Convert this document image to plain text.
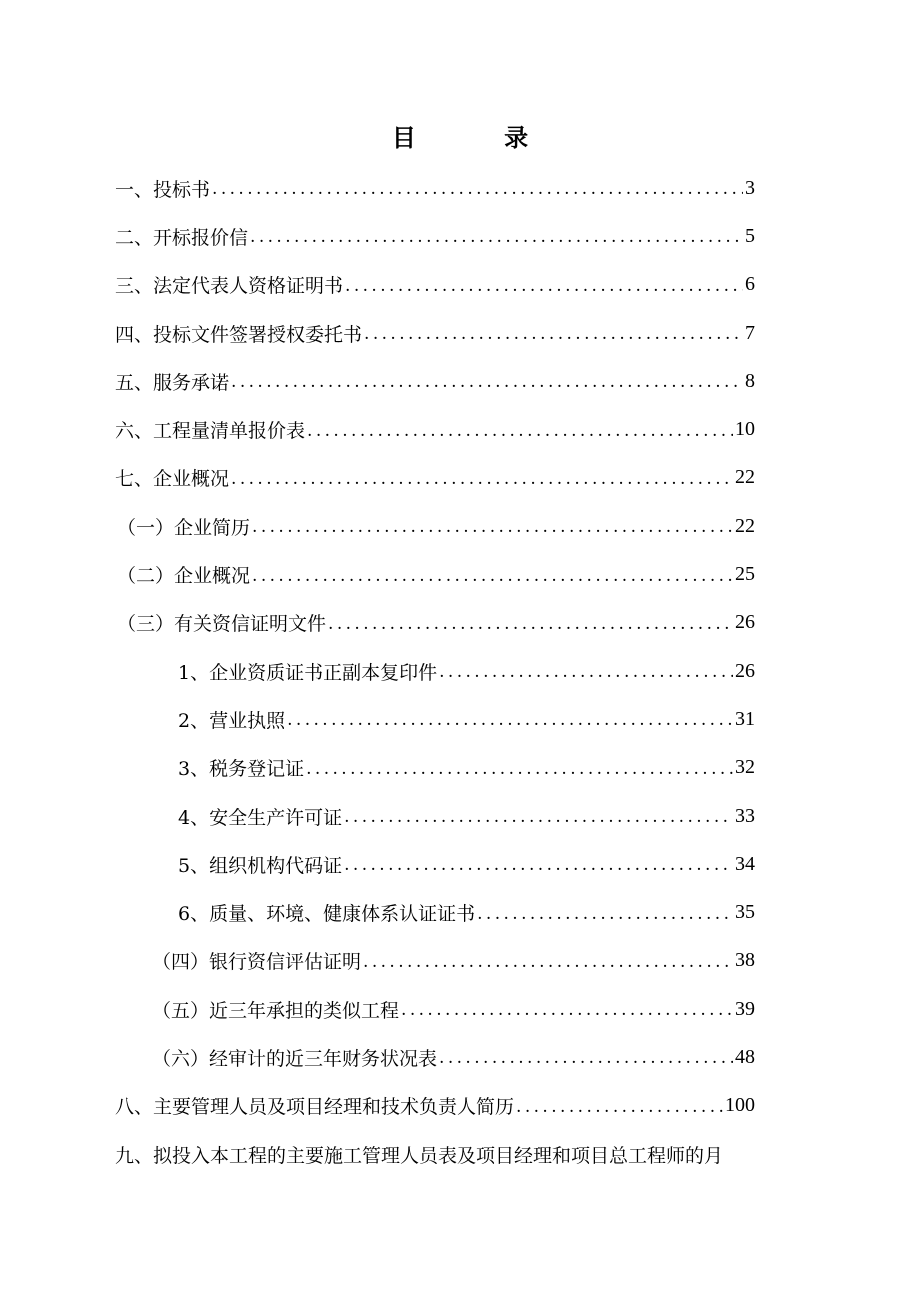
目 录
一、投标书 .....	3
二、开标报价信 .....	5
三、法定代表人资格证明书 .....	6
四、投标文件签署授权委托书 .....	7
五、服务承诺 .....	8
六、工程量清单报价表 .....	10
七、企业概况 .....	22
（一）企业简历 .....	22
（二）企业概况 .....	25
（三）有关资信证明文件 .....	26
1、企业资质证书正副本复印件 .....	26
2、营业执照 .....	31
3、税务登记证 .....	32
4、安全生产许可证 .....	33
5、组织机构代码证 .....	34
6、质量、环境、健康体系认证证书 .....	35
（四）银行资信评估证明 .....	38
（五）近三年承担的类似工程 .....	39
（六）经审计的近三年财务状况表 .....	48
八、主要管理人员及项目经理和技术负责人简历 .....	100
九、拟投入本工程的主要施工管理人员表及项目经理和项目总工程师的月
